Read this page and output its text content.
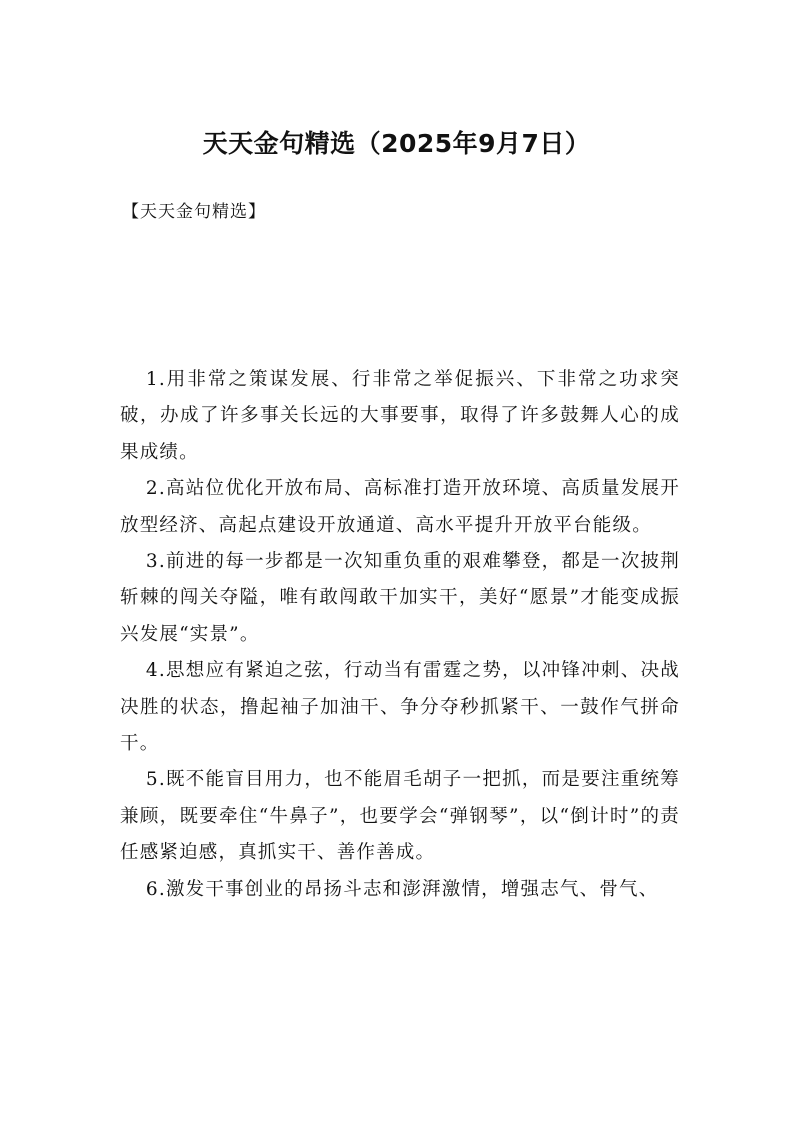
天天金句精选（2025年9月7日）

【天天金句精选】

1.用非常之策谋发展、行非常之举促振兴、下非常之功求突破，办成了许多事关长远的大事要事，取得了许多鼓舞人心的成果成绩。

2.高站位优化开放布局、高标准打造开放环境、高质量发展开放型经济、高起点建设开放通道、高水平提升开放平台能级。

3.前进的每一步都是一次知重负重的艰难攀登，都是一次披荆斩棘的闯关夺隘，唯有敢闯敢干加实干，美好“愿景”才能变成振兴发展“实景”。

4.思想应有紧迫之弦，行动当有雷霆之势，以冲锋冲刺、决战决胜的状态，撸起袖子加油干、争分夺秒抓紧干、一鼓作气拼命干。

5.既不能盲目用力，也不能眉毛胡子一把抓，而是要注重统筹兼顾，既要牵住“牛鼻子”，也要学会“弹钢琴”，以“倒计时”的责任感紧迫感，真抓实干、善作善成。

6.激发干事创业的昂扬斗志和澎湃激情，增强志气、骨气、
